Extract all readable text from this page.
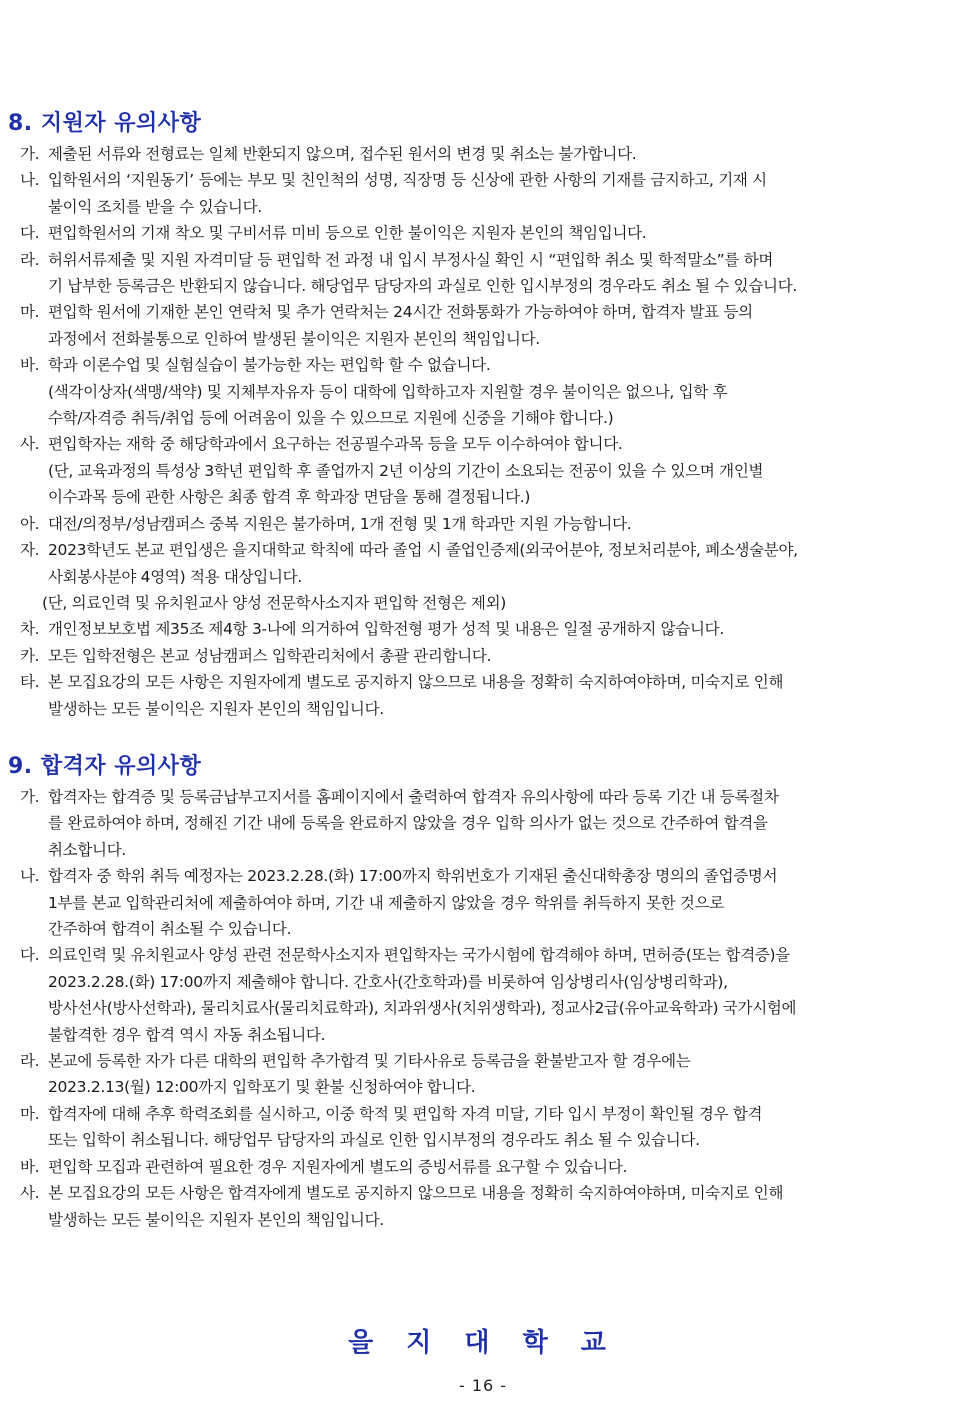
8. 지원자 유의사항
가. 제출된 서류와 전형료는 일체 반환되지 않으며, 접수된 원서의 변경 및 취소는 불가합니다.
나. 입학원서의 ‘지원동기’ 등에는 부모 및 친인척의 성명, 직장명 등 신상에 관한 사항의 기재를 금지하고, 기재 시
불이익 조치를 받을 수 있습니다.
다. 편입학원서의 기재 착오 및 구비서류 미비 등으로 인한 불이익은 지원자 본인의 책임입니다.
라. 허위서류제출 및 지원 자격미달 등 편입학 전 과정 내 입시 부정사실 확인 시 “편입학 취소 및 학적말소”를 하며
기 납부한 등록금은 반환되지 않습니다. 해당업무 담당자의 과실로 인한 입시부정의 경우라도 취소 될 수 있습니다.
마. 편입학 원서에 기재한 본인 연락처 및 추가 연락처는 24시간 전화통화가 가능하여야 하며, 합격자 발표 등의
과정에서 전화불통으로 인하여 발생된 불이익은 지원자 본인의 책임입니다.
바. 학과 이론수업 및 실험실습이 불가능한 자는 편입학 할 수 없습니다.
(색각이상자(색맹/색약) 및 지체부자유자 등이 대학에 입학하고자 지원할 경우 불이익은 없으나, 입학 후
수학/자격증 취득/취업 등에 어려움이 있을 수 있으므로 지원에 신중을 기해야 합니다.)
사. 편입학자는 재학 중 해당학과에서 요구하는 전공필수과목 등을 모두 이수하여야 합니다.
(단, 교육과정의 특성상 3학년 편입학 후 졸업까지 2년 이상의 기간이 소요되는 전공이 있을 수 있으며 개인별
이수과목 등에 관한 사항은 최종 합격 후 학과장 면담을 통해 결정됩니다.)
아. 대전/의정부/성남캠퍼스 중복 지원은 불가하며, 1개 전형 및 1개 학과만 지원 가능합니다.
자. 2023학년도 본교 편입생은 을지대학교 학칙에 따라 졸업 시 졸업인증제(외국어분야, 정보처리분야, 폐소생술분야,
사회봉사분야 4영역) 적용 대상입니다.
(단, 의료인력 및 유치원교사 양성 전문학사소지자 편입학 전형은 제외)
차. 개인정보보호법 제35조 제4항 3-나에 의거하여 입학전형 평가 성적 및 내용은 일절 공개하지 않습니다.
카. 모든 입학전형은 본교 성남캠퍼스 입학관리처에서 총괄 관리합니다.
타. 본 모집요강의 모든 사항은 지원자에게 별도로 공지하지 않으므로 내용을 정확히 숙지하여야하며, 미숙지로 인해
발생하는 모든 불이익은 지원자 본인의 책임입니다.
9. 합격자 유의사항
가. 합격자는 합격증 및 등록금납부고지서를 홈페이지에서 출력하여 합격자 유의사항에 따라 등록 기간 내 등록절차
를 완료하여야 하며, 정해진 기간 내에 등록을 완료하지 않았을 경우 입학 의사가 없는 것으로 간주하여 합격을
취소합니다.
나. 합격자 중 학위 취득 예정자는 2023.2.28.(화) 17:00까지 학위번호가 기재된 출신대학총장 명의의 졸업증명서
1부를 본교 입학관리처에 제출하여야 하며, 기간 내 제출하지 않았을 경우 학위를 취득하지 못한 것으로
간주하여 합격이 취소될 수 있습니다.
다. 의료인력 및 유치원교사 양성 관련 전문학사소지자 편입학자는 국가시험에 합격해야 하며, 면허증(또는 합격증)을
2023.2.28.(화) 17:00까지 제출해야 합니다. 간호사(간호학과)를 비롯하여 임상병리사(임상병리학과),
방사선사(방사선학과), 물리치료사(물리치료학과), 치과위생사(치위생학과), 정교사2급(유아교육학과) 국가시험에
불합격한 경우 합격 역시 자동 취소됩니다.
라. 본교에 등록한 자가 다른 대학의 편입학 추가합격 및 기타사유로 등록금을 환불받고자 할 경우에는
2023.2.13(월) 12:00까지 입학포기 및 환불 신청하여야 합니다.
마. 합격자에 대해 추후 학력조회를 실시하고, 이중 학적 및 편입학 자격 미달, 기타 입시 부정이 확인될 경우 합격
또는 입학이 취소됩니다. 해당업무 담당자의 과실로 인한 입시부정의 경우라도 취소 될 수 있습니다.
바. 편입학 모집과 관련하여 필요한 경우 지원자에게 별도의 증빙서류를 요구할 수 있습니다.
사. 본 모집요강의 모든 사항은 합격자에게 별도로 공지하지 않으므로 내용을 정확히 숙지하여야하며, 미숙지로 인해
발생하는 모든 불이익은 지원자 본인의 책임입니다.

을 지 대 학 교

- 16 -
